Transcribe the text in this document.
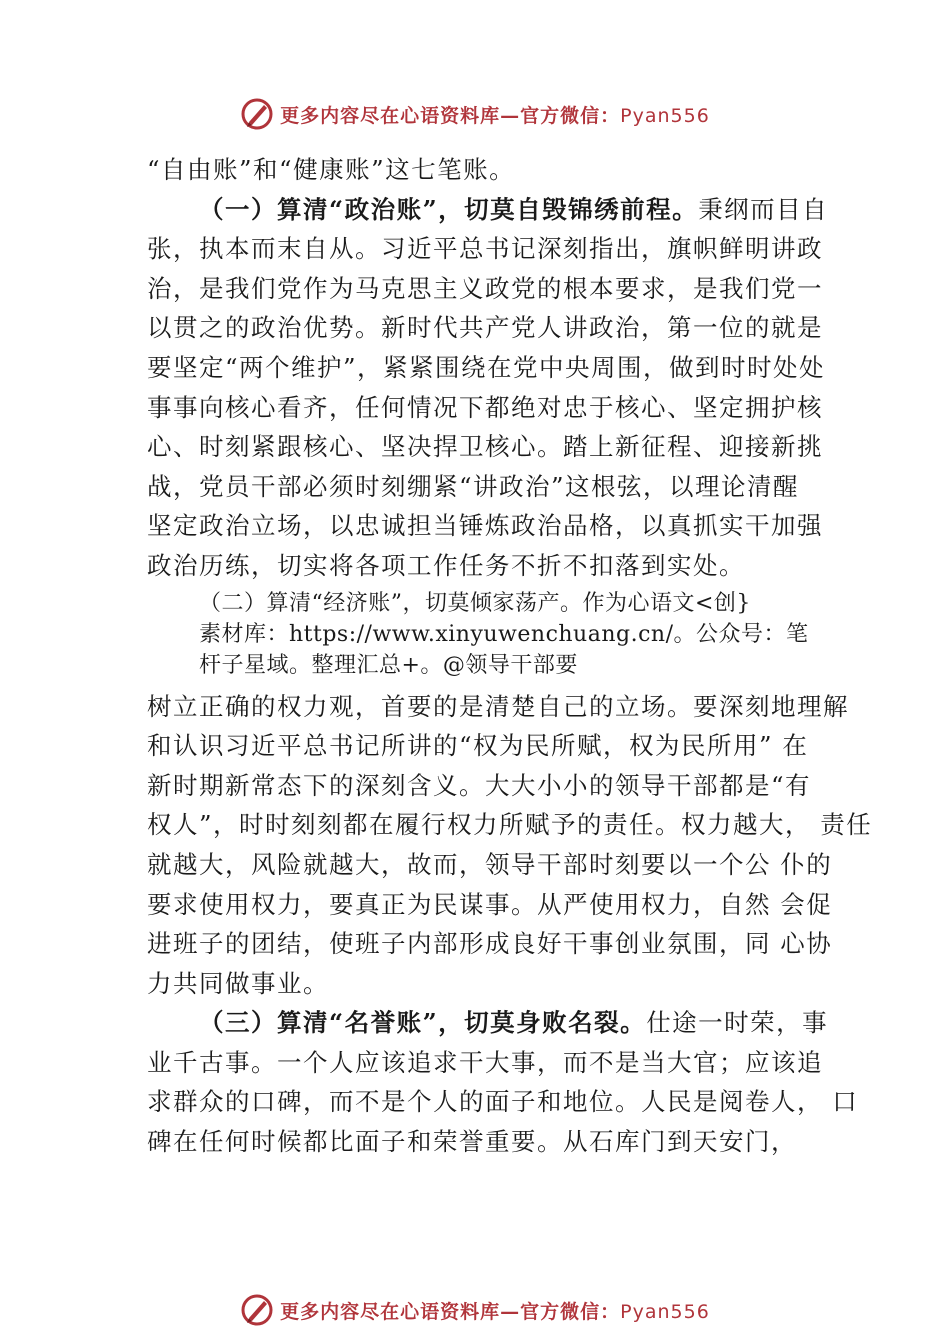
更多内容尽在心语资料库—官方微信：Pyan556
“自由账”和“健康账”这七笔账。
（一）算清“政治账”，切莫自毁锦绣前程。秉纲而目自
张，执本而末自从。习近平总书记深刻指出，旗帜鲜明讲政
治，是我们党作为马克思主义政党的根本要求，是我们党一
以贯之的政治优势。新时代共产党人讲政治，第一位的就是
要坚定“两个维护”，紧紧围绕在党中央周围，做到时时处处
事事向核心看齐，任何情况下都绝对忠于核心、坚定拥护核
心、时刻紧跟核心、坚决捍卫核心。踏上新征程、迎接新挑
战，党员干部必须时刻绷紧“讲政治”这根弦，以理论清醒
坚定政治立场，以忠诚担当锤炼政治品格，以真抓实干加强
政治历练，切实将各项工作任务不折不扣落到实处。
（二）算清“经济账”，切莫倾家荡产。作为心语文<创}
素材库：https://www.xinyuwenchuang.cn/。公众号：笔
杆子星域。整理汇总+。@领导干部要
树立正确的权力观，首要的是清楚自己的立场。要深刻地理解
和认识习近平总书记所讲的“权为民所赋，权为民所用” 在
新时期新常态下的深刻含义。大大小小的领导干部都是“有
权人”，时时刻刻都在履行权力所赋予的责任。权力越大， 责任
就越大，风险就越大，故而，领导干部时刻要以一个公 仆的
要求使用权力，要真正为民谋事。从严使用权力，自然 会促
进班子的团结，使班子内部形成良好干事创业氛围，同 心协
力共同做事业。
（三）算清“名誉账”，切莫身败名裂。仕途一时荣，事
业千古事。一个人应该追求干大事，而不是当大官；应该追
求群众的口碑，而不是个人的面子和地位。人民是阅卷人， 口
碑在任何时候都比面子和荣誉重要。从石库门到天安门，
更多内容尽在心语资料库—官方微信：Pyan556
